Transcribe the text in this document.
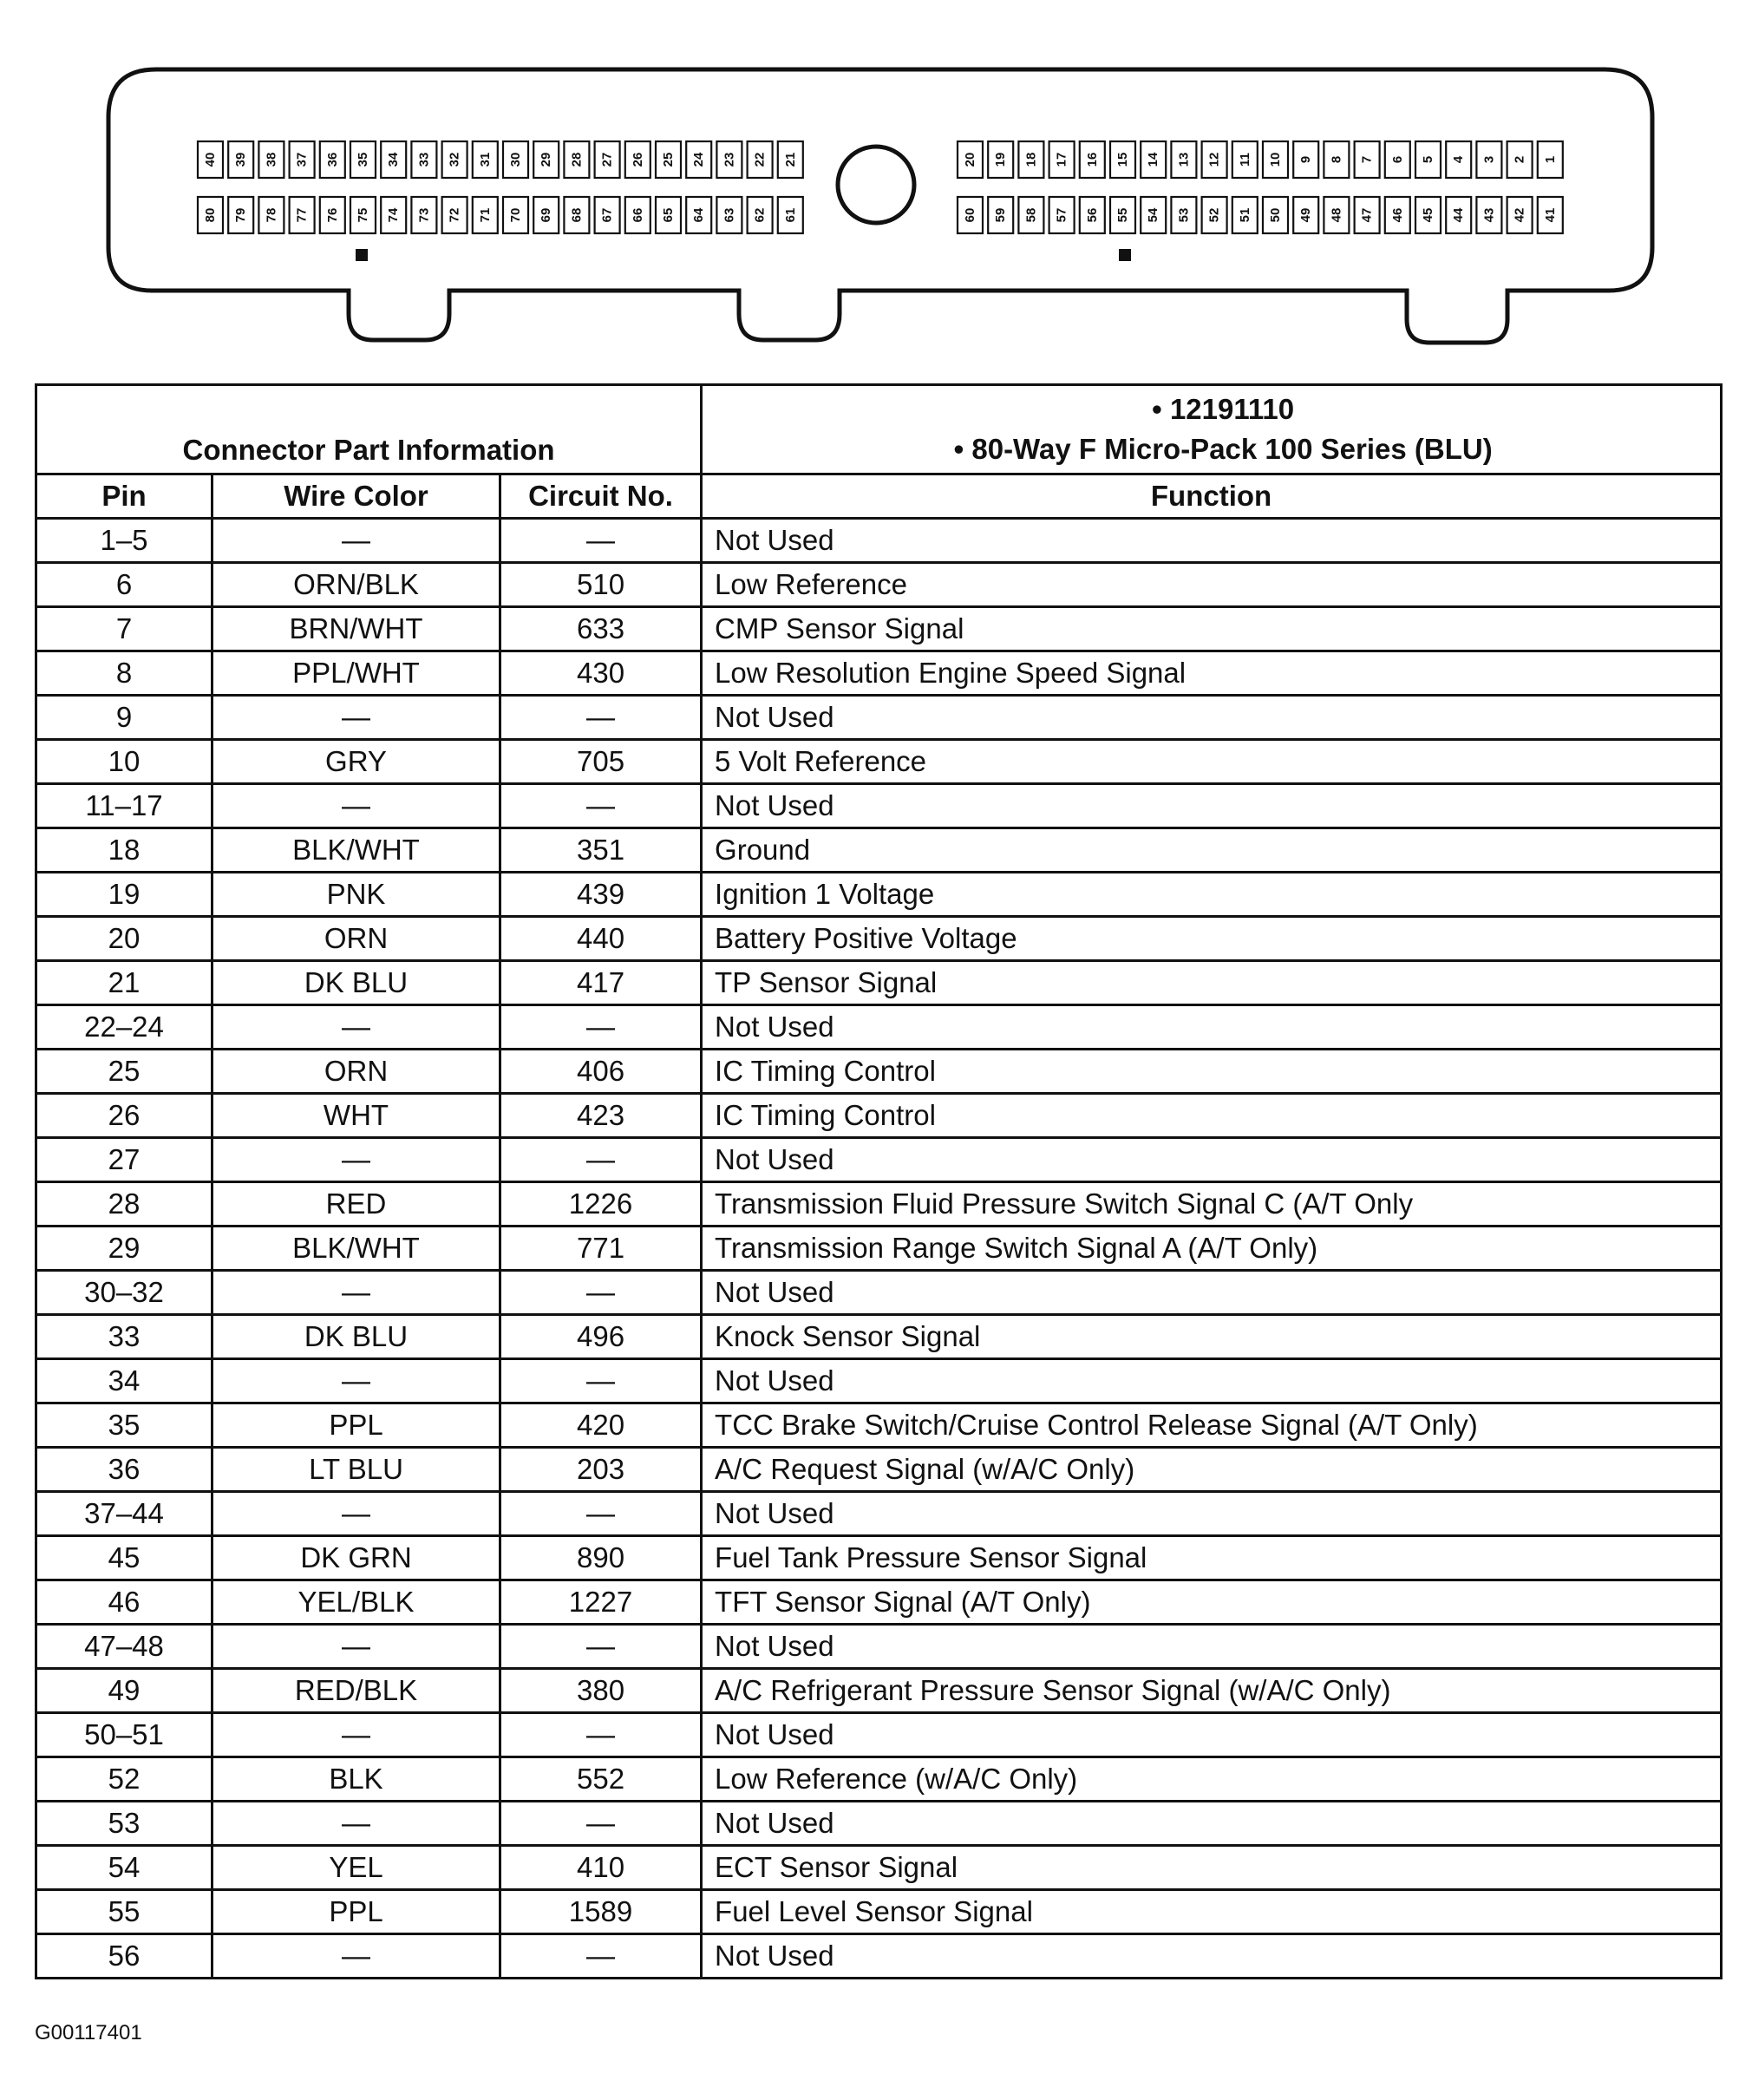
40 39 38 37 36 35 34 33 32 31 30 29 28 27 26 25 24 23 22 21
80 79 78 77 76 75 74 73 72 71 70 69 68 67 66 65 64 63 62 61
20 19 18 17 16 15 14 13 12 11 10 9 8 7 6 5 4 3 2 1
60 59 58 57 56 55 54 53 52 51 50 49 48 47 46 45 44 43 42 41
Connector Part Information			• 12191110
• 80-Way F Micro-Pack 100 Series (BLU)

Pin	Wire Color	Circuit No.	Function
1–5	—	—	Not Used
6	ORN/BLK	510	Low Reference
7	BRN/WHT	633	CMP Sensor Signal
8	PPL/WHT	430	Low Resolution Engine Speed Signal
9	—	—	Not Used
10	GRY	705	5 Volt Reference
11–17	—	—	Not Used
18	BLK/WHT	351	Ground
19	PNK	439	Ignition 1 Voltage
20	ORN	440	Battery Positive Voltage
21	DK BLU	417	TP Sensor Signal
22–24	—	—	Not Used
25	ORN	406	IC Timing Control
26	WHT	423	IC Timing Control
27	—	—	Not Used
28	RED	1226	Transmission Fluid Pressure Switch Signal C (A/T Only
29	BLK/WHT	771	Transmission Range Switch Signal A (A/T Only)
30–32	—	—	Not Used
33	DK BLU	496	Knock Sensor Signal
34	—	—	Not Used
35	PPL	420	TCC Brake Switch/Cruise Control Release Signal (A/T Only)
36	LT BLU	203	A/C Request Signal (w/A/C Only)
37–44	—	—	Not Used
45	DK GRN	890	Fuel Tank Pressure Sensor Signal
46	YEL/BLK	1227	TFT Sensor Signal (A/T Only)
47–48	—	—	Not Used
49	RED/BLK	380	A/C Refrigerant Pressure Sensor Signal (w/A/C Only)
50–51	—	—	Not Used
52	BLK	552	Low Reference (w/A/C Only)
53	—	—	Not Used
54	YEL	410	ECT Sensor Signal
55	PPL	1589	Fuel Level Sensor Signal
56	—	—	Not Used
G00117401
